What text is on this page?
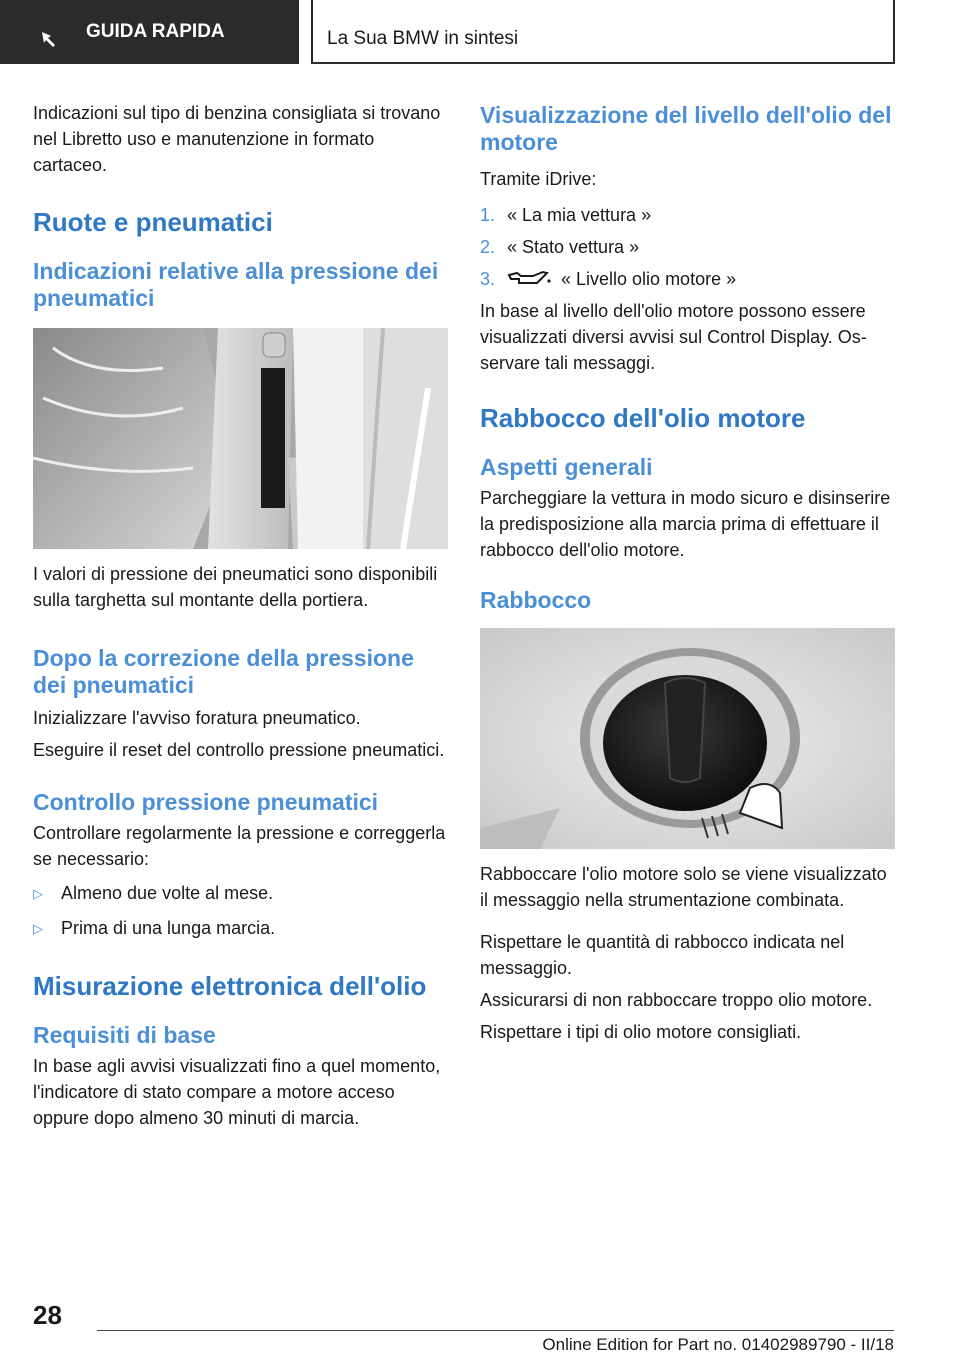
GUIDA RAPIDA	La Sua BMW in sintesi

Indicazioni sul tipo di benzina consigliata si trovano nel Libretto uso e manutenzione in formato cartaceo.

Ruote e pneumatici
Indicazioni relative alla pressione dei pneumatici

I valori di pressione dei pneumatici sono disponibili sulla targhetta sul montante della portiera.

Dopo la correzione della pressione dei pneumatici

Inizializzare l'avviso foratura pneumatico.

Eseguire il reset del controllo pressione pneumatici.

Controllo pressione pneumatici

Controllare regolarmente la pressione e correggerla se necessario:

▷	Almeno due volte al mese.
▷	Prima di una lunga marcia.
Misurazione elettronica dell'olio
Requisiti di base

In base agli avvisi visualizzati fino a quel momento, l'indicatore di stato compare a motore acceso oppure dopo almeno 30 minuti di marcia.

Visualizzazione del livello dell'olio del motore

Tramite iDrive:

1. « La mia vettura »
2. « Stato vettura »
3.	« Livello olio motore »

In base al livello dell'olio motore possono essere visualizzati diversi avvisi sul Control Display. Osservare tali messaggi.

Rabbocco dell'olio motore
Aspetti generali

Parcheggiare la vettura in modo sicuro e disinserire la predisposizione alla marcia prima di effettuare il rabbocco dell'olio motore.

Rabbocco

Rabboccare l'olio motore solo se viene visualizzato il messaggio nella strumentazione combinata.

Rispettare le quantità di rabbocco indicata nel messaggio.

Assicurarsi di non rabboccare troppo olio motore.

Rispettare i tipi di olio motore consigliati.

28
Online Edition for Part no. 01402989790 - II/18
